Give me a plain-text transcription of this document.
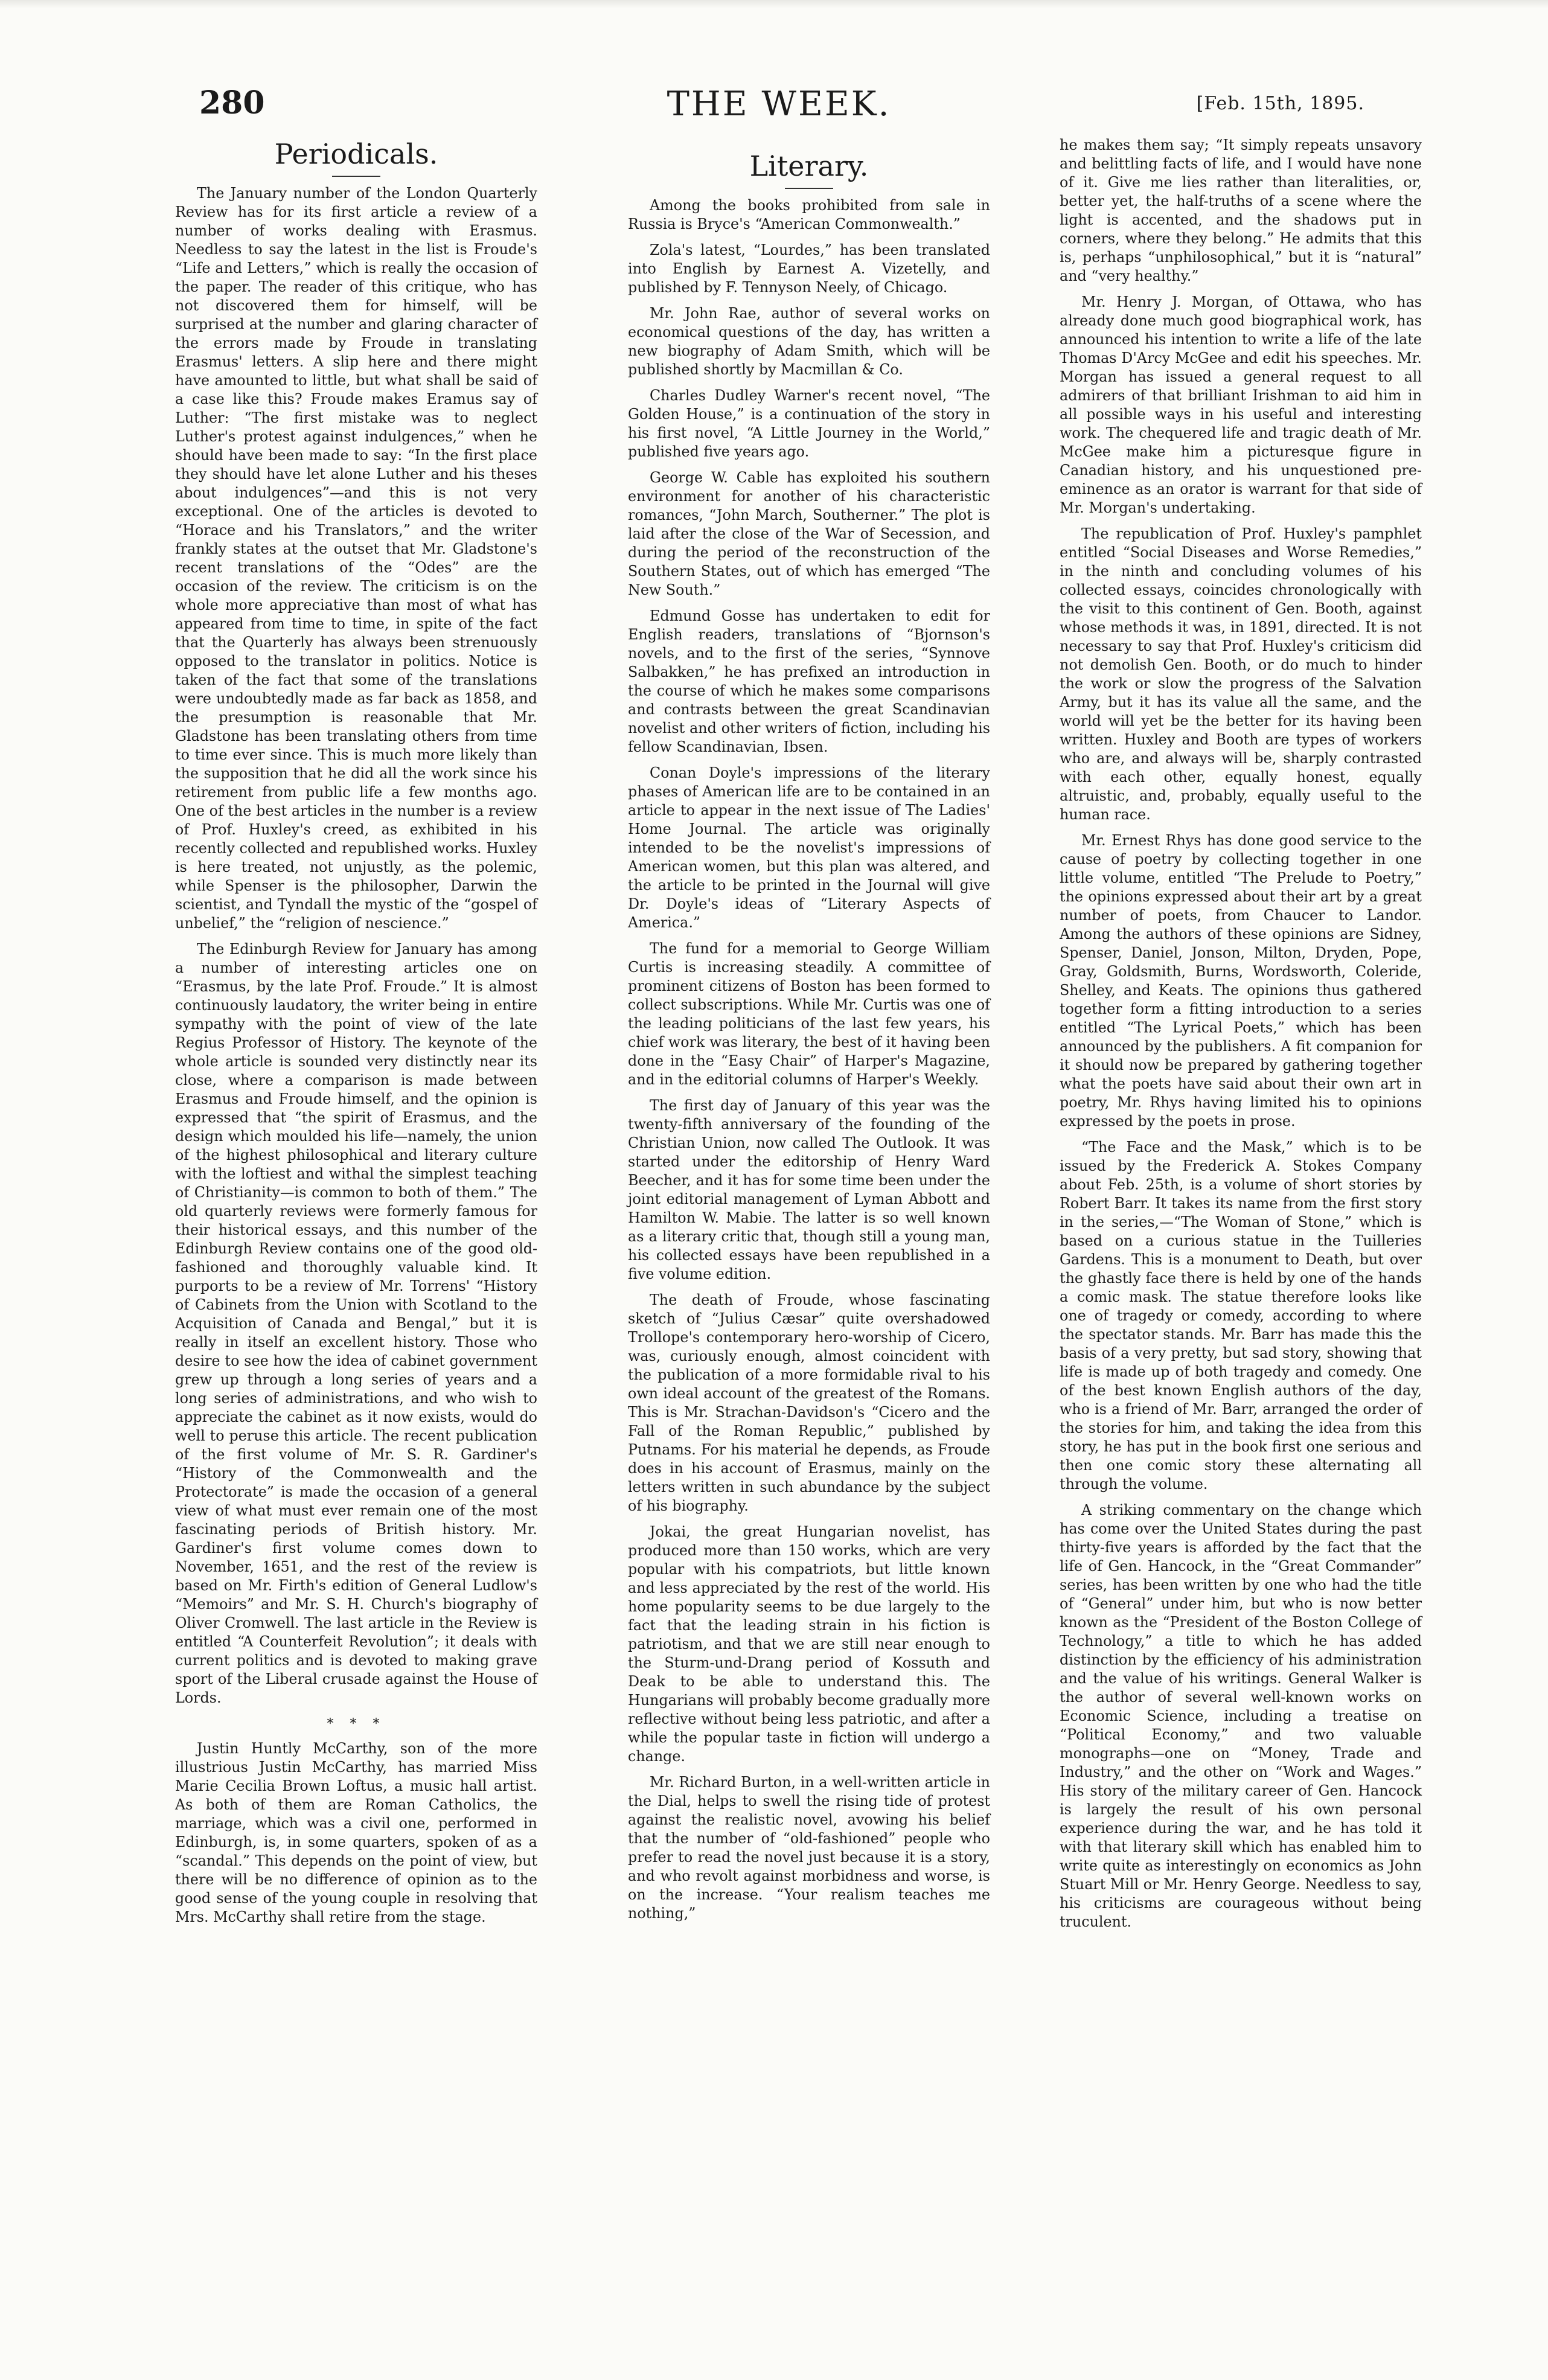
280	THE WEEK.	[Feb. 15th, 1895.
Periodicals.

The January number of the London Quarterly Review has for its first article a review of a number of works dealing with Erasmus. Needless to say the latest in the list is Froude's “Life and Letters,” which is really the occasion of the paper. The reader of this critique, who has not discovered them for himself, will be surprised at the number and glaring character of the errors made by Froude in translating Erasmus' letters. A slip here and there might have amounted to little, but what shall be said of a case like this? Froude makes Eramus say of Luther: “The first mistake was to neglect Luther's protest against indulgences,” when he should have been made to say: “In the first place they should have let alone Luther and his theses about indulgences”—and this is not very exceptional. One of the articles is devoted to “Horace and his Translators,” and the writer frankly states at the outset that Mr. Gladstone's recent translations of the “Odes” are the occasion of the review. The criticism is on the whole more appreciative than most of what has appeared from time to time, in spite of the fact that the Quarterly has always been strenuously opposed to the translator in politics. Notice is taken of the fact that some of the translations were undoubtedly made as far back as 1858, and the presumption is reasonable that Mr. Gladstone has been translating others from time to time ever since. This is much more likely than the supposition that he did all the work since his retirement from public life a few months ago. One of the best articles in the number is a review of Prof. Huxley's creed, as exhibited in his recently collected and republished works. Huxley is here treated, not unjustly, as the polemic, while Spenser is the philosopher, Darwin the scientist, and Tyndall the mystic of the “gospel of unbelief,” the “religion of nescience.”

The Edinburgh Review for January has among a number of interesting articles one on “Erasmus, by the late Prof. Froude.” It is almost continuously laudatory, the writer being in entire sympathy with the point of view of the late Regius Professor of History. The keynote of the whole article is sounded very distinctly near its close, where a comparison is made between Erasmus and Froude himself, and the opinion is expressed that “the spirit of Erasmus, and the design which moulded his life—namely, the union of the highest philosophical and literary culture with the loftiest and withal the simplest teaching of Christianity—is common to both of them.” The old quarterly reviews were formerly famous for their historical essays, and this number of the Edinburgh Review contains one of the good old-fashioned and thoroughly valuable kind. It purports to be a review of Mr. Torrens' “History of Cabinets from the Union with Scotland to the Acquisition of Canada and Bengal,” but it is really in itself an excellent history. Those who desire to see how the idea of cabinet government grew up through a long series of years and a long series of administrations, and who wish to appreciate the cabinet as it now exists, would do well to peruse this article. The recent publication of the first volume of Mr. S. R. Gardiner's “History of the Commonwealth and the Protectorate” is made the occasion of a general view of what must ever remain one of the most fascinating periods of British history. Mr. Gardiner's first volume comes down to November, 1651, and the rest of the review is based on Mr. Firth's edition of General Ludlow's “Memoirs” and Mr. S. H. Church's biography of Oliver Cromwell. The last article in the Review is entitled “A Counterfeit Revolution”; it deals with current politics and is devoted to making grave sport of the Liberal crusade against the House of Lords.

* * *

Justin Huntly McCarthy, son of the more illustrious Justin McCarthy, has married Miss Marie Cecilia Brown Loftus, a music hall artist. As both of them are Roman Catholics, the marriage, which was a civil one, performed in Edinburgh, is, in some quarters, spoken of as a “scandal.” This depends on the point of view, but there will be no difference of opinion as to the good sense of the young couple in resolving that Mrs. McCarthy shall retire from the stage.

Literary.

Among the books prohibited from sale in Russia is Bryce's “American Commonwealth.”

Zola's latest, “Lourdes,” has been translated into English by Earnest A. Vizetelly, and published by F. Tennyson Neely, of Chicago.

Mr. John Rae, author of several works on economical questions of the day, has written a new biography of Adam Smith, which will be published shortly by Macmillan & Co.

Charles Dudley Warner's recent novel, “The Golden House,” is a continuation of the story in his first novel, “A Little Journey in the World,” published five years ago.

George W. Cable has exploited his southern environment for another of his characteristic romances, “John March, Southerner.” The plot is laid after the close of the War of Secession, and during the period of the reconstruction of the Southern States, out of which has emerged “The New South.”

Edmund Gosse has undertaken to edit for English readers, translations of “Bjornson's novels, and to the first of the series, “Synnove Salbakken,” he has prefixed an introduction in the course of which he makes some comparisons and contrasts between the great Scandinavian novelist and other writers of fiction, including his fellow Scandinavian, Ibsen.

Conan Doyle's impressions of the literary phases of American life are to be contained in an article to appear in the next issue of The Ladies' Home Journal. The article was originally intended to be the novelist's impressions of American women, but this plan was altered, and the article to be printed in the Journal will give Dr. Doyle's ideas of “Literary Aspects of America.”

The fund for a memorial to George William Curtis is increasing steadily. A committee of prominent citizens of Boston has been formed to collect subscriptions. While Mr. Curtis was one of the leading politicians of the last few years, his chief work was literary, the best of it having been done in the “Easy Chair” of Harper's Magazine, and in the editorial columns of Harper's Weekly.

The first day of January of this year was the twenty-fifth anniversary of the founding of the Christian Union, now called The Outlook. It was started under the editorship of Henry Ward Beecher, and it has for some time been under the joint editorial management of Lyman Abbott and Hamilton W. Mabie. The latter is so well known as a literary critic that, though still a young man, his collected essays have been republished in a five volume edition.

The death of Froude, whose fascinating sketch of “Julius Cæsar” quite overshadowed Trollope's contemporary hero-worship of Cicero, was, curiously enough, almost coincident with the publication of a more formidable rival to his own ideal account of the greatest of the Romans. This is Mr. Strachan-Davidson's “Cicero and the Fall of the Roman Republic,” published by Putnams. For his material he depends, as Froude does in his account of Erasmus, mainly on the letters written in such abundance by the subject of his biography.

Jokai, the great Hungarian novelist, has produced more than 150 works, which are very popular with his compatriots, but little known and less appreciated by the rest of the world. His home popularity seems to be due largely to the fact that the leading strain in his fiction is patriotism, and that we are still near enough to the Sturm-und-Drang period of Kossuth and Deak to be able to understand this. The Hungarians will probably become gradually more reflective without being less patriotic, and after a while the popular taste in fiction will undergo a change.

Mr. Richard Burton, in a well-written article in the Dial, helps to swell the rising tide of protest against the realistic novel, avowing his belief that the number of “old-fashioned” people who prefer to read the novel just because it is a story, and who revolt against morbidness and worse, is on the increase. “Your realism teaches me nothing,”

he makes them say; “It simply repeats unsavory and belittling facts of life, and I would have none of it. Give me lies rather than literalities, or, better yet, the half-truths of a scene where the light is accented, and the shadows put in corners, where they belong.” He admits that this is, perhaps “unphilosophical,” but it is “natural” and “very healthy.”

Mr. Henry J. Morgan, of Ottawa, who has already done much good biographical work, has announced his intention to write a life of the late Thomas D'Arcy McGee and edit his speeches. Mr. Morgan has issued a general request to all admirers of that brilliant Irishman to aid him in all possible ways in his useful and interesting work. The chequered life and tragic death of Mr. McGee make him a picturesque figure in Canadian history, and his unquestioned pre-eminence as an orator is warrant for that side of Mr. Morgan's undertaking.

The republication of Prof. Huxley's pamphlet entitled “Social Diseases and Worse Remedies,” in the ninth and concluding volumes of his collected essays, coincides chronologically with the visit to this continent of Gen. Booth, against whose methods it was, in 1891, directed. It is not necessary to say that Prof. Huxley's criticism did not demolish Gen. Booth, or do much to hinder the work or slow the progress of the Salvation Army, but it has its value all the same, and the world will yet be the better for its having been written. Huxley and Booth are types of workers who are, and always will be, sharply contrasted with each other, equally honest, equally altruistic, and, probably, equally useful to the human race.

Mr. Ernest Rhys has done good service to the cause of poetry by collecting together in one little volume, entitled “The Prelude to Poetry,” the opinions expressed about their art by a great number of poets, from Chaucer to Landor. Among the authors of these opinions are Sidney, Spenser, Daniel, Jonson, Milton, Dryden, Pope, Gray, Goldsmith, Burns, Wordsworth, Coleride, Shelley, and Keats. The opinions thus gathered together form a fitting introduction to a series entitled “The Lyrical Poets,” which has been announced by the publishers. A fit companion for it should now be prepared by gathering together what the poets have said about their own art in poetry, Mr. Rhys having limited his to opinions expressed by the poets in prose.

“The Face and the Mask,” which is to be issued by the Frederick A. Stokes Company about Feb. 25th, is a volume of short stories by Robert Barr. It takes its name from the first story in the series,—“The Woman of Stone,” which is based on a curious statue in the Tuilleries Gardens. This is a monument to Death, but over the ghastly face there is held by one of the hands a comic mask. The statue therefore looks like one of tragedy or comedy, according to where the spectator stands. Mr. Barr has made this the basis of a very pretty, but sad story, showing that life is made up of both tragedy and comedy. One of the best known English authors of the day, who is a friend of Mr. Barr, arranged the order of the stories for him, and taking the idea from this story, he has put in the book first one serious and then one comic story these alternating all through the volume.

A striking commentary on the change which has come over the United States during the past thirty-five years is afforded by the fact that the life of Gen. Hancock, in the “Great Commander” series, has been written by one who had the title of “General” under him, but who is now better known as the “President of the Boston College of Technology,” a title to which he has added distinction by the efficiency of his administration and the value of his writings. General Walker is the author of several well-known works on Economic Science, including a treatise on “Political Economy,” and two valuable monographs—one on “Money, Trade and Industry,” and the other on “Work and Wages.” His story of the military career of Gen. Hancock is largely the result of his own personal experience during the war, and he has told it with that literary skill which has enabled him to write quite as interestingly on economics as John Stuart Mill or Mr. Henry George. Needless to say, his criticisms are courageous without being truculent.
